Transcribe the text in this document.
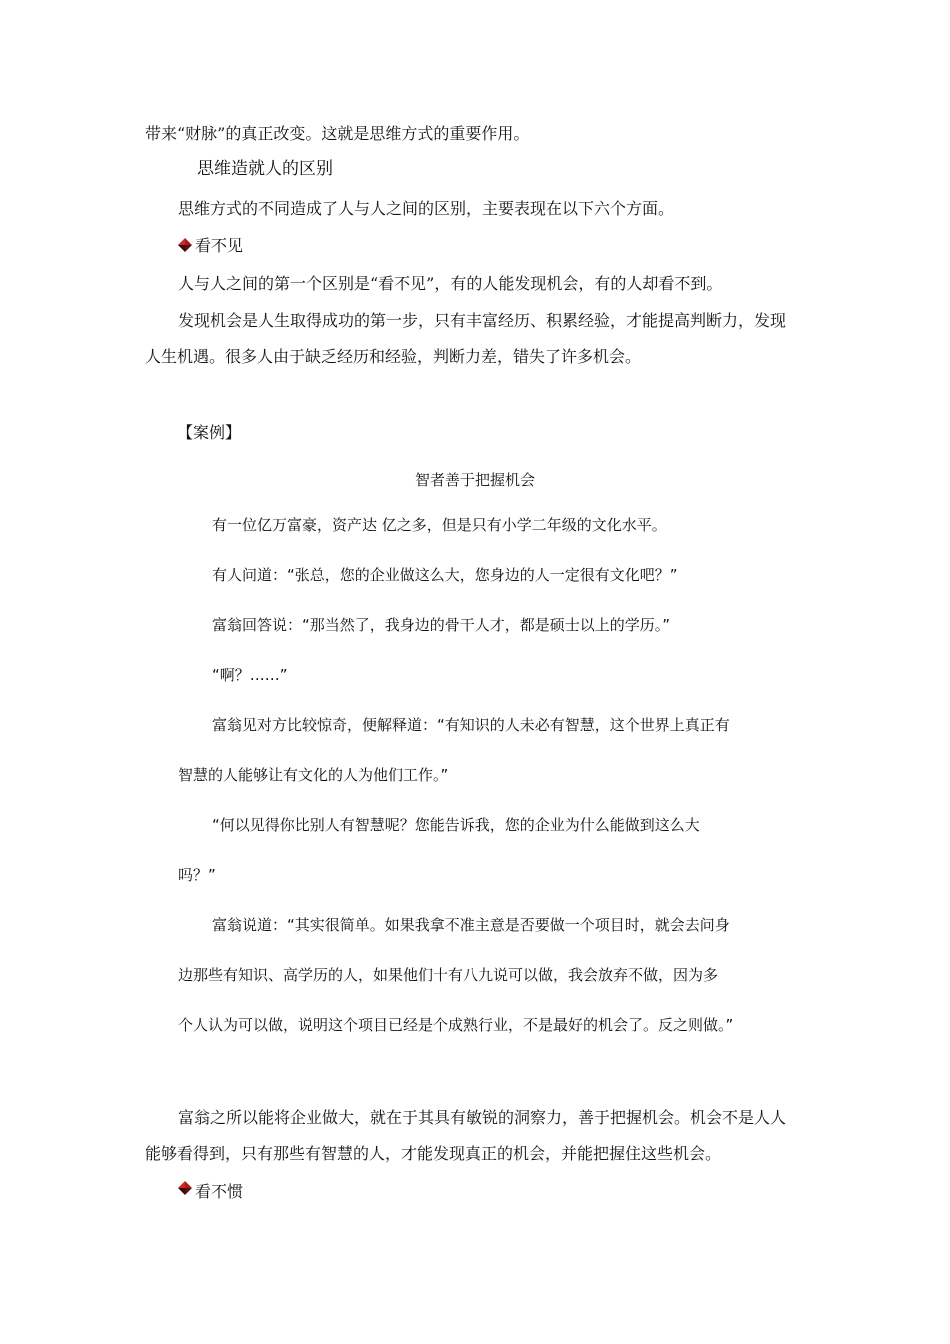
带来“财脉”的真正改变。这就是思维方式的重要作用。
思维造就人的区别
思维方式的不同造成了人与人之间的区别，主要表现在以下六个方面。
看不见
人与人之间的第一个区别是“看不见”，有的人能发现机会，有的人却看不到。
发现机会是人生取得成功的第一步，只有丰富经历、积累经验，才能提高判断力，发现
人生机遇。很多人由于缺乏经历和经验，判断力差，错失了许多机会。
【案例】
智者善于把握机会
有一位亿万富豪，资产达 亿之多，但是只有小学二年级的文化水平。
有人问道：“张总，您的企业做这么大，您身边的人一定很有文化吧？”
富翁回答说：“那当然了，我身边的骨干人才，都是硕士以上的学历。”
“啊？……”
富翁见对方比较惊奇，便解释道：“有知识的人未必有智慧，这个世界上真正有
智慧的人能够让有文化的人为他们工作。”
“何以见得你比别人有智慧呢？您能告诉我，您的企业为什么能做到这么大
吗？”
富翁说道：“其实很简单。如果我拿不准主意是否要做一个项目时，就会去问身
边那些有知识、高学历的人，如果他们十有八九说可以做，我会放弃不做，因为多
个人认为可以做，说明这个项目已经是个成熟行业，不是最好的机会了。反之则做。”
富翁之所以能将企业做大，就在于其具有敏锐的洞察力，善于把握机会。机会不是人人
能够看得到，只有那些有智慧的人，才能发现真正的机会，并能把握住这些机会。
看不惯
